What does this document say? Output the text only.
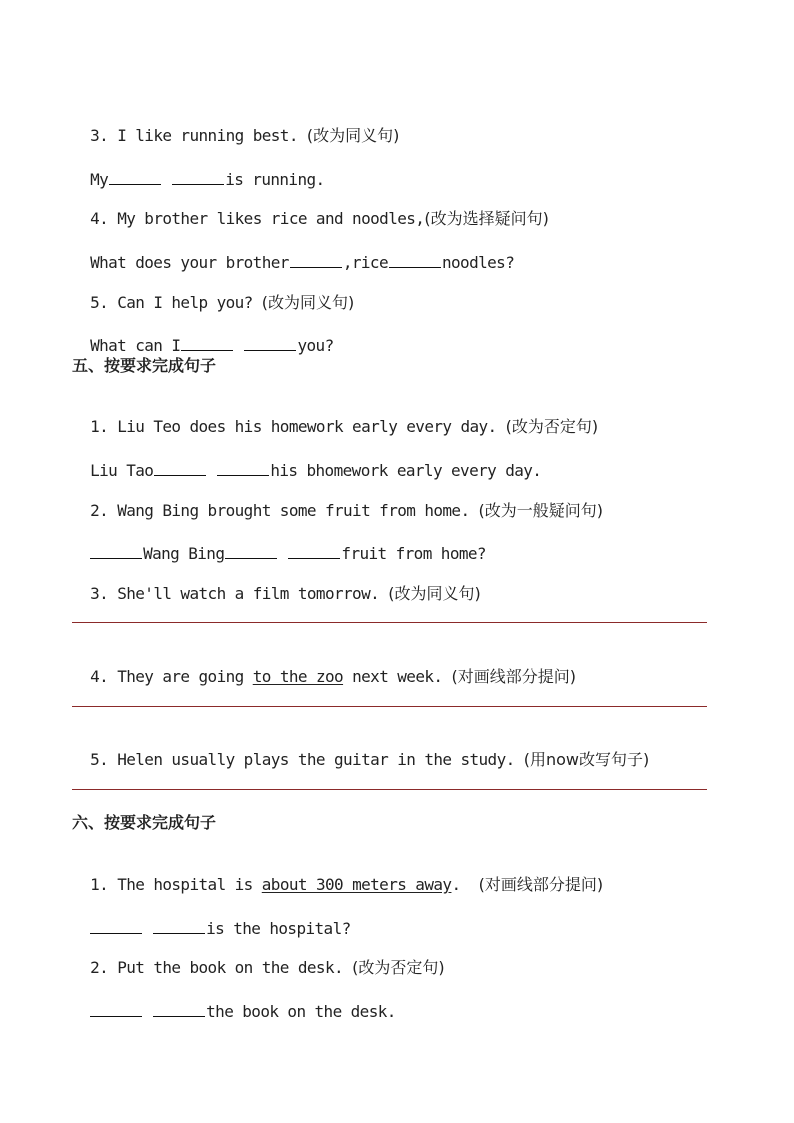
3. I like running best. (改为同义句)

My	is running.

4. My brother likes rice and noodles,(改为选择疑问句)

What does your brother	,rice	noodles?

5. Can I help you? (改为同义句)

What can I	you?

五、按要求完成句子

1. Liu Teo does his homework early every day. (改为否定句)

Liu Tao	his bhomework early every day.

2. Wang Bing brought some fruit from home. (改为一般疑问句)

Wang Bing	fruit from home?

3. She'll watch a film tomorrow. (改为同义句)

4. They are going to the zoo next week. (对画线部分提问)

5. Helen usually plays the guitar in the study. (用now改写句子)

六、按要求完成句子

1. The hospital is about 300 meters away. (对画线部分提问)

is the hospital?

2. Put the book on the desk. (改为否定句)

the book on the desk.
